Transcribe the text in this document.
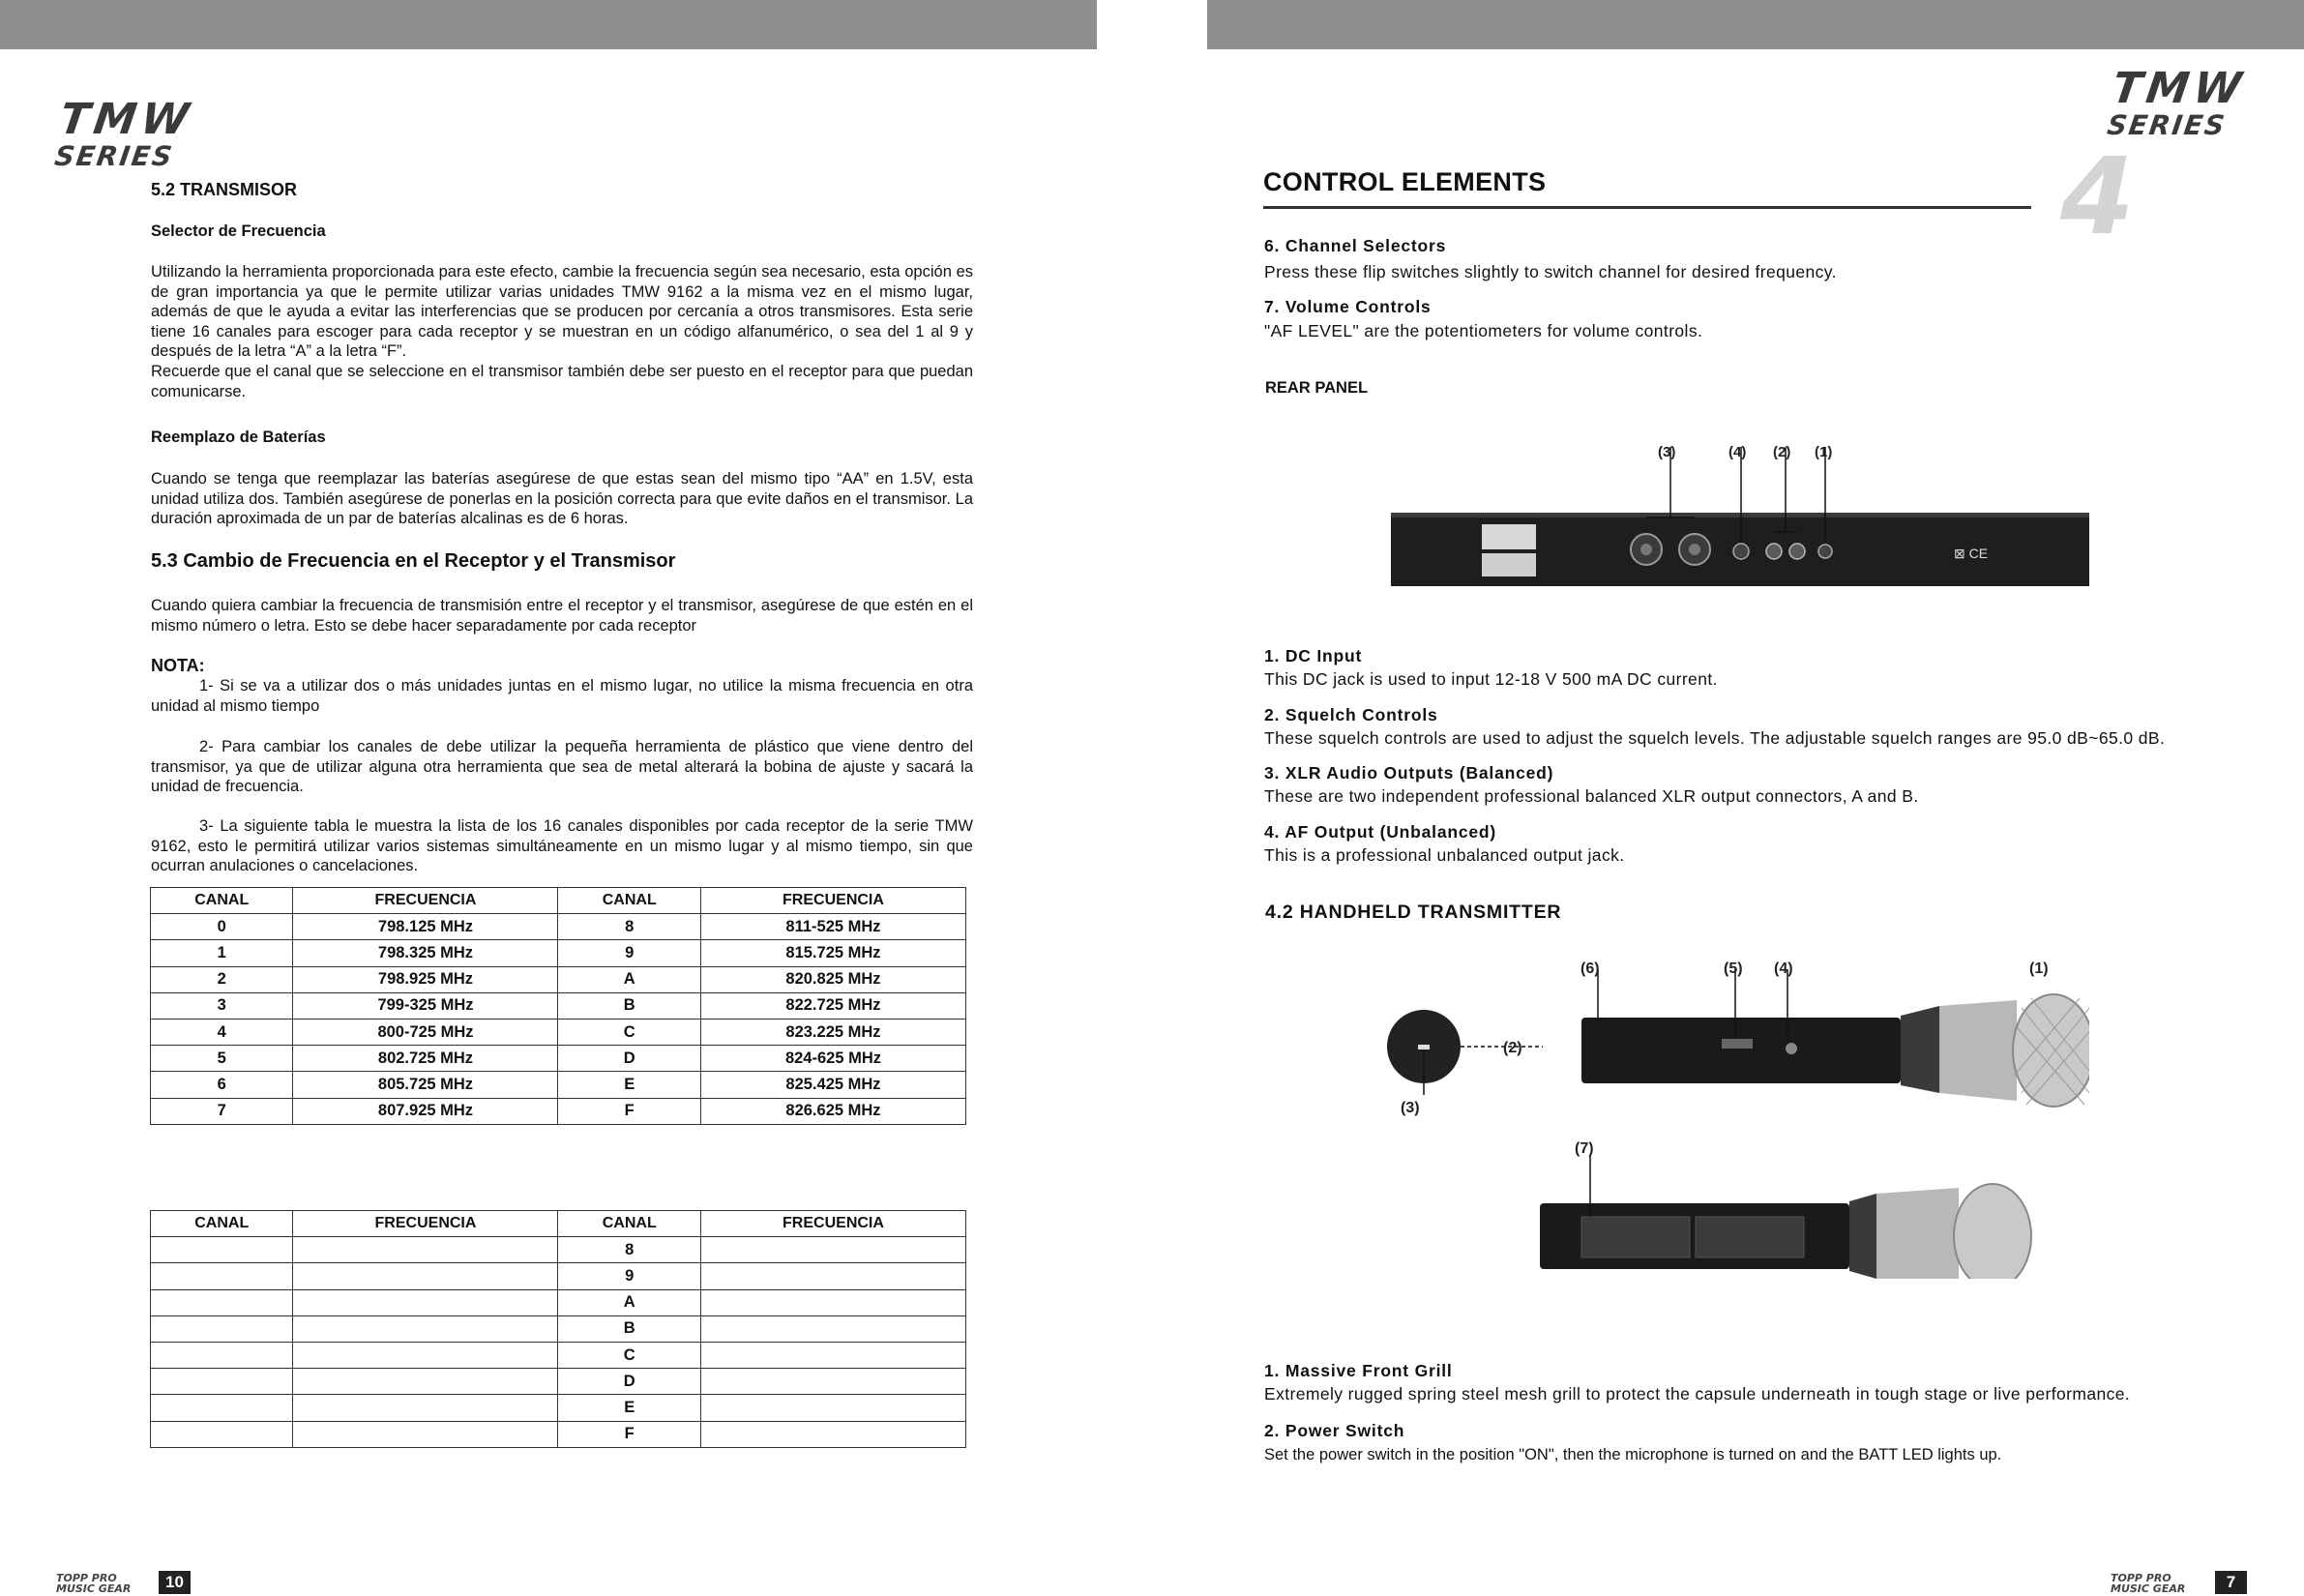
TMW
SERIES
5.2 TRANSMISOR
Selector de Frecuencia
Utilizando la herramienta proporcionada para este efecto, cambie la frecuencia según sea necesario, esta opción es de gran importancia ya que le permite utilizar varias unidades TMW 9162 a la misma vez en el mismo lugar, además de que le ayuda a evitar las interferencias que se producen por cercanía a otros transmisores. Esta serie tiene 16 canales para escoger para cada receptor y se muestran en un código alfanumérico, o sea del 1 al 9 y después de la letra “A” a la letra “F”.
Recuerde que el canal que se seleccione en el transmisor también debe ser puesto en el receptor para que puedan comunicarse.
Reemplazo de Baterías
Cuando se tenga que reemplazar las baterías asegúrese de que estas sean del mismo tipo “AA” en 1.5V, esta unidad utiliza dos. También asegúrese de ponerlas en la posición correcta para que evite daños en el transmisor. La duración aproximada de un par de baterías alcalinas es de 6 horas.
5.3 Cambio de Frecuencia en el Receptor y el Transmisor
Cuando quiera cambiar la frecuencia de transmisión entre el receptor y el transmisor, asegúrese de que estén en el mismo número o letra. Esto se debe hacer separadamente por cada receptor
NOTA:
1- Si se va a utilizar dos o más unidades juntas en el mismo lugar, no utilice la misma frecuencia en otra unidad al mismo tiempo
2- Para cambiar los canales de debe utilizar la pequeña herramienta de plástico que viene dentro del transmisor, ya que de utilizar alguna otra herramienta que sea de metal alterará la bobina de ajuste y sacará la unidad de frecuencia.
3- La siguiente tabla le muestra la lista de los 16 canales disponibles por cada receptor de la serie TMW 9162, esto le permitirá utilizar varios sistemas simultáneamente en un mismo lugar y al mismo tiempo, sin que ocurran anulaciones o cancelaciones.
CANAL	FRECUENCIA	CANAL	FRECUENCIA
0	798.125 MHz	8	811-525 MHz
1	798.325 MHz	9	815.725 MHz
2	798.925 MHz	A	820.825 MHz
3	799-325 MHz	B	822.725 MHz
4	800-725 MHz	C	823.225 MHz
5	802.725 MHz	D	824-625 MHz
6	805.725 MHz	E	825.425 MHz
7	807.925 MHz	F	826.625 MHz
CANAL	FRECUENCIA	CANAL	FRECUENCIA
		8	
		9	
		A	
		B	
		C	
		D	
		E	
		F	
TOPP PRO
MUSIC GEAR	10
TMW
SERIES
4
CONTROL ELEMENTS
6. Channel Selectors
Press these flip switches slightly to switch channel for desired frequency.
7. Volume Controls
"AF LEVEL" are the potentiometers for volume controls.
REAR PANEL
⊠ CE
(3)	(4) (2) (1)
1. DC Input
This DC jack is used to input 12-18 V 500 mA DC current.
2. Squelch Controls
These squelch controls are used to adjust the squelch levels. The adjustable squelch ranges are 95.0 dB~65.0 dB.
3. XLR Audio Outputs (Balanced)
These are two independent professional balanced XLR output connectors, A and B.
4. AF Output (Unbalanced)
This is a professional unbalanced output jack.
4.2 HANDHELD TRANSMITTER
(6)	(5) (4)	(1)
(2)
(3)
(7)
1. Massive Front Grill
Extremely rugged spring steel mesh grill to protect the capsule underneath in tough stage or live performance.
2. Power Switch
Set the power switch in the position "ON", then the microphone is turned on and the BATT LED lights up.
TOPP PRO
MUSIC GEAR	7
